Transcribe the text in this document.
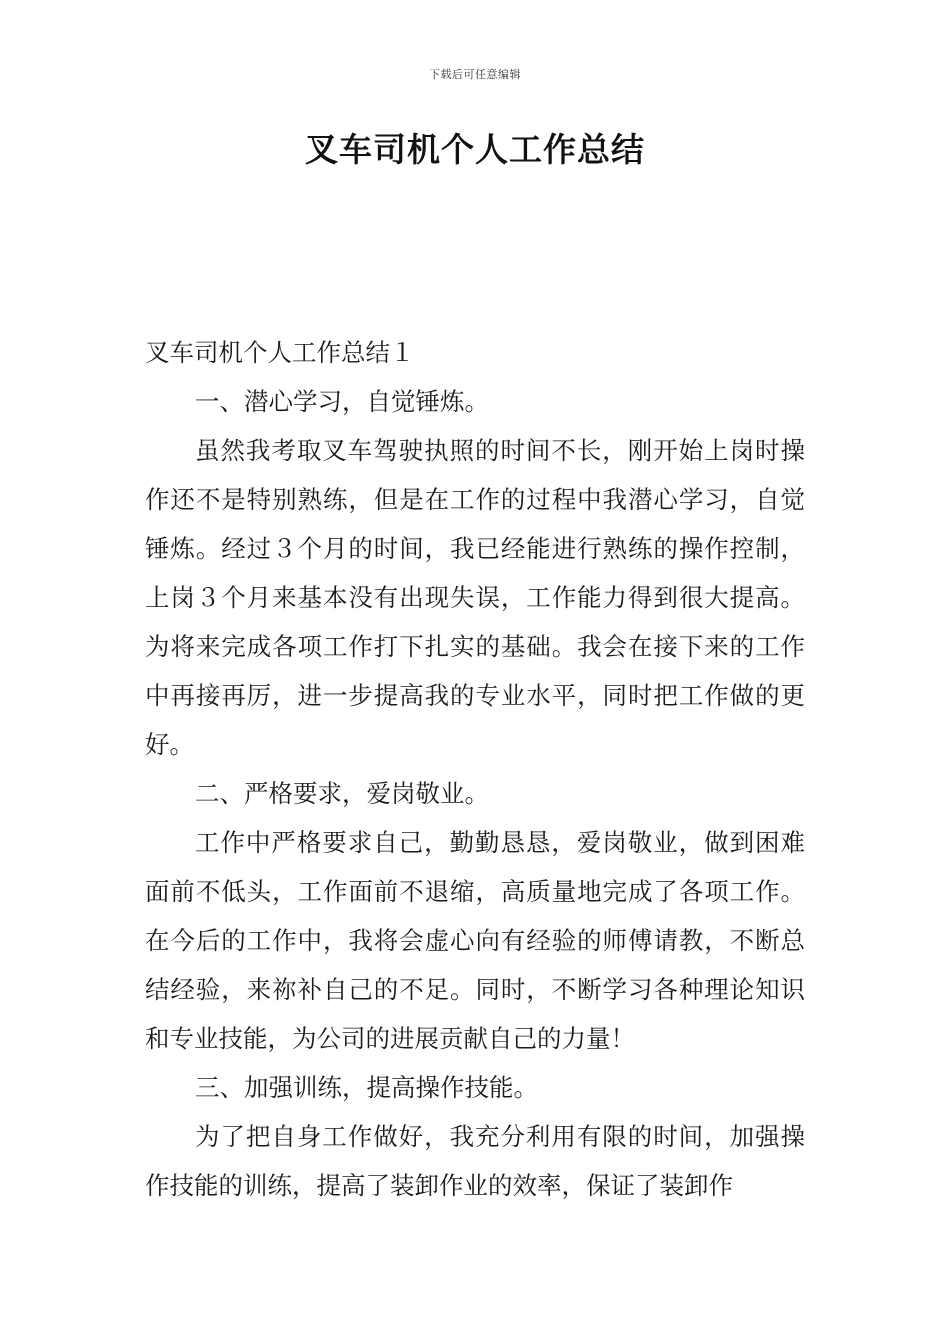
下载后可任意编辑
叉车司机个人工作总结

叉车司机个人工作总结１

一、潜心学习，自觉锤炼。

虽然我考取叉车驾驶执照的时间不长，刚开始上岗时操作还不是特别熟练，但是在工作的过程中我潜心学习，自觉锤炼。经过３个月的时间，我已经能进行熟练的操作控制，上岗３个月来基本没有出现失误，工作能力得到很大提高。为将来完成各项工作打下扎实的基础。我会在接下来的工作中再接再厉，进一步提高我的专业水平，同时把工作做的更好。

二、严格要求，爱岗敬业。

工作中严格要求自己，勤勤恳恳，爱岗敬业，做到困难面前不低头，工作面前不退缩，高质量地完成了各项工作。在今后的工作中，我将会虚心向有经验的师傅请教，不断总结经验，来祢补自己的不足。同时，不断学习各种理论知识和专业技能，为公司的进展贡献自己的力量！

三、加强训练，提高操作技能。

为了把自身工作做好，我充分利用有限的时间，加强操作技能的训练，提高了装卸作业的效率，保证了装卸作
